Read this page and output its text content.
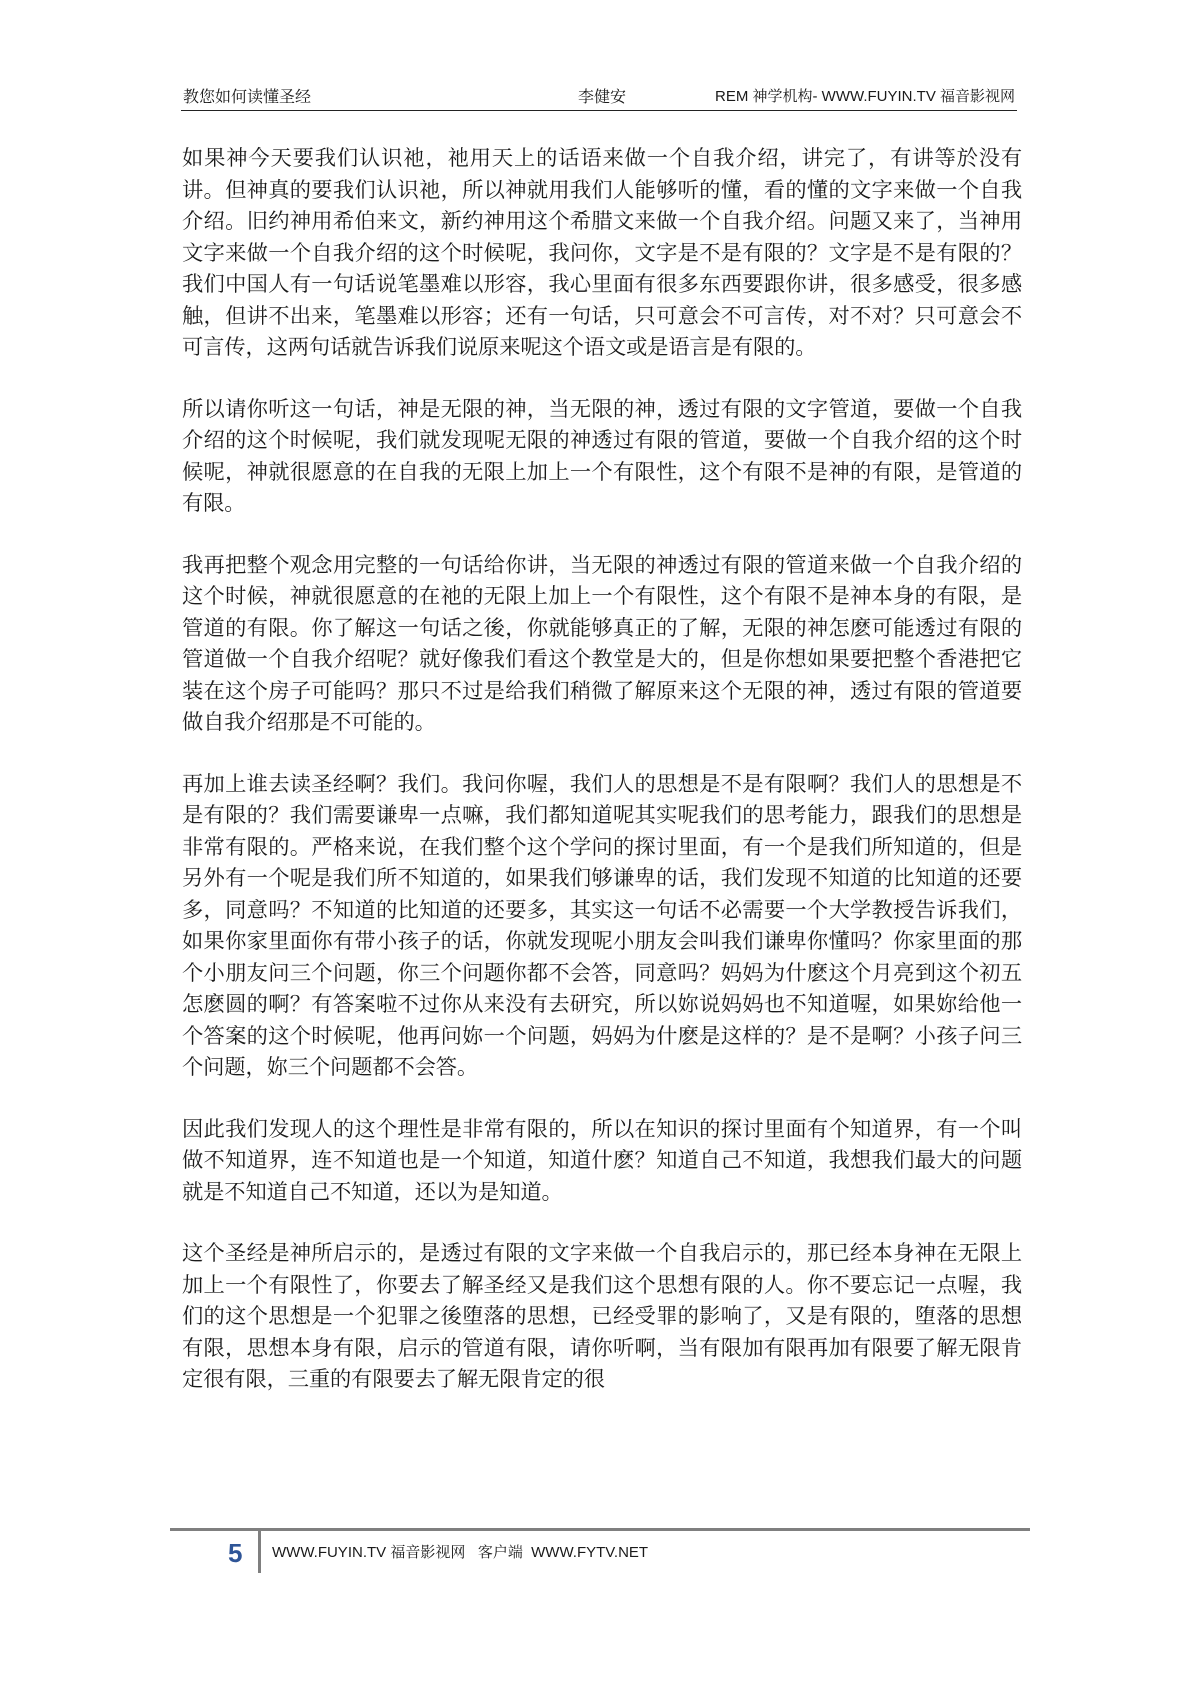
教您如何读懂圣经	李健安	REM 神学机构- WWW.FUYIN.TV 福音影视网

如果神今天要我们认识祂，祂用天上的话语来做一个自我介绍，讲完了，有讲等於没有讲。但神真的要我们认识祂，所以神就用我们人能够听的懂，看的懂的文字来做一个自我介绍。旧约神用希伯来文，新约神用这个希腊文来做一个自我介绍。问题又来了，当神用文字来做一个自我介绍的这个时候呢，我问你，文字是不是有限的？文字是不是有限的？我们中国人有一句话说笔墨难以形容，我心里面有很多东西要跟你讲，很多感受，很多感触，但讲不出来，笔墨难以形容；还有一句话，只可意会不可言传，对不对？只可意会不可言传，这两句话就告诉我们说原来呢这个语文或是语言是有限的。

所以请你听这一句话，神是无限的神，当无限的神，透过有限的文字管道，要做一个自我介绍的这个时候呢，我们就发现呢无限的神透过有限的管道，要做一个自我介绍的这个时候呢，神就很愿意的在自我的无限上加上一个有限性，这个有限不是神的有限，是管道的有限。

我再把整个观念用完整的一句话给你讲，当无限的神透过有限的管道来做一个自我介绍的这个时候，神就很愿意的在祂的无限上加上一个有限性，这个有限不是神本身的有限，是管道的有限。你了解这一句话之後，你就能够真正的了解，无限的神怎麽可能透过有限的管道做一个自我介绍呢？就好像我们看这个教堂是大的，但是你想如果要把整个香港把它装在这个房子可能吗？那只不过是给我们稍微了解原来这个无限的神，透过有限的管道要做自我介绍那是不可能的。

再加上谁去读圣经啊？我们。我问你喔，我们人的思想是不是有限啊？我们人的思想是不是有限的？我们需要谦卑一点嘛，我们都知道呢其实呢我们的思考能力，跟我们的思想是非常有限的。严格来说，在我们整个这个学问的探讨里面，有一个是我们所知道的，但是另外有一个呢是我们所不知道的，如果我们够谦卑的话，我们发现不知道的比知道的还要多，同意吗？不知道的比知道的还要多，其实这一句话不必需要一个大学教授告诉我们，如果你家里面你有带小孩子的话，你就发现呢小朋友会叫我们谦卑你懂吗？你家里面的那个小朋友问三个问题，你三个问题你都不会答，同意吗？妈妈为什麽这个月亮到这个初五怎麽圆的啊？有答案啦不过你从来没有去研究，所以妳说妈妈也不知道喔，如果妳给他一个答案的这个时候呢，他再问妳一个问题，妈妈为什麽是这样的？是不是啊？小孩子问三个问题，妳三个问题都不会答。

因此我们发现人的这个理性是非常有限的，所以在知识的探讨里面有个知道界，有一个叫做不知道界，连不知道也是一个知道，知道什麽？知道自己不知道，我想我们最大的问题就是不知道自己不知道，还以为是知道。

这个圣经是神所启示的，是透过有限的文字来做一个自我启示的，那已经本身神在无限上加上一个有限性了，你要去了解圣经又是我们这个思想有限的人。你不要忘记一点喔，我们的这个思想是一个犯罪之後堕落的思想，已经受罪的影响了，又是有限的，堕落的思想有限，思想本身有限，启示的管道有限，请你听啊，当有限加有限再加有限要了解无限肯定很有限，三重的有限要去了解无限肯定的很

5 WWW.FUYIN.TV 福音影视网   客户端  WWW.FYTV.NET
